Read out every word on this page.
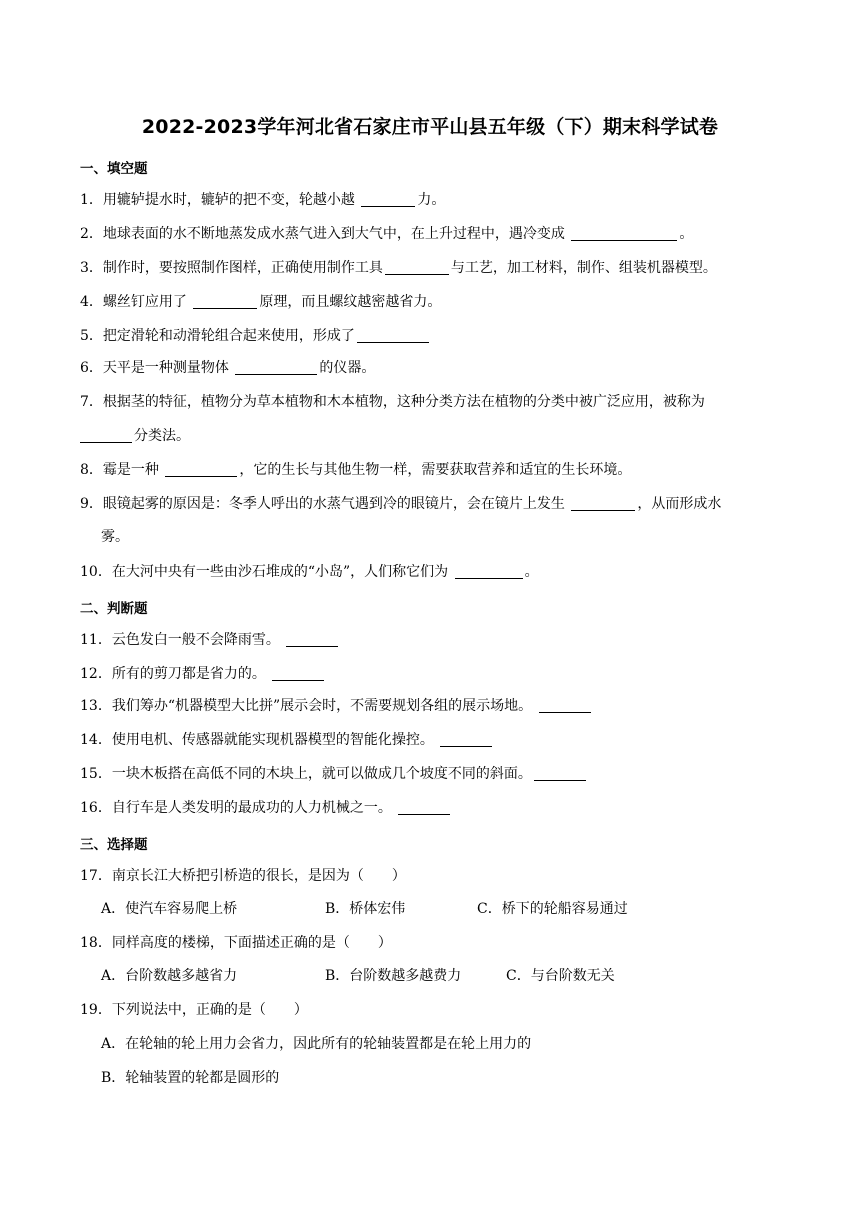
2022-2023学年河北省石家庄市平山县五年级（下）期末科学试卷
一、填空题
1．用辘轳提水时，辘轳的把不变，轮越小越	力。
2．地球表面的水不断地蒸发成水蒸气进入到大气中，在上升过程中，遇冷变成	。
3．制作时，要按照制作图样，正确使用制作工具	与工艺，加工材料，制作、组装机器模型。
4．螺丝钉应用了	原理，而且螺纹越密越省力。
5．把定滑轮和动滑轮组合起来使用，形成了
6．天平是一种测量物体	的仪器。
7．根据茎的特征，植物分为草本植物和木本植物，这种分类方法在植物的分类中被广泛应用，被称为
分类法。
8．霉是一种	，它的生长与其他生物一样，需要获取营养和适宜的生长环境。
9．眼镜起雾的原因是：冬季人呼出的水蒸气遇到冷的眼镜片，会在镜片上发生	，从而形成水
雾。
10．在大河中央有一些由沙石堆成的“小岛”，人们称它们为	。
二、判断题
11．云色发白一般不会降雨雪。
12．所有的剪刀都是省力的。
13．我们筹办“机器模型大比拼”展示会时，不需要规划各组的展示场地。
14．使用电机、传感器就能实现机器模型的智能化操控。
15．一块木板搭在高低不同的木块上，就可以做成几个坡度不同的斜面。
16．自行车是人类发明的最成功的人力机械之一。
三、选择题
17．南京长江大桥把引桥造的很长，是因为（　　）
A．使汽车容易爬上桥	B．桥体宏伟	C．桥下的轮船容易通过
18．同样高度的楼梯，下面描述正确的是（　　）
A．台阶数越多越省力	B．台阶数越多越费力	C．与台阶数无关
19．下列说法中，正确的是（　　）
A．在轮轴的轮上用力会省力，因此所有的轮轴装置都是在轮上用力的
B．轮轴装置的轮都是圆形的
